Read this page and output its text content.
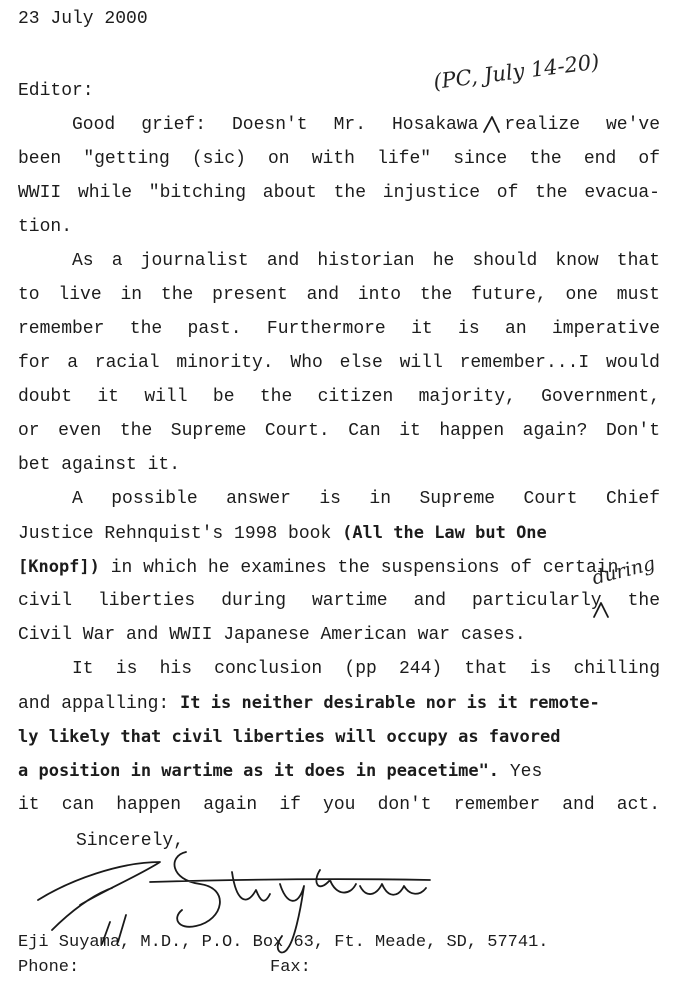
23 July 2000
Editor:	(PC, July 14-20)
Good grief: Doesn't Mr. Hosakawa realize we've
been "getting (sic) on with life" since the end of
WWII while "bitching about the injustice of the evacua-
tion.
As a journalist and historian he should know that
to live in the present and into the future, one must
remember the past. Furthermore it is an imperative
for a racial minority. Who else will remember...I would
doubt it will be the citizen majority, Government,
or even the Supreme Court. Can it happen again? Don't
bet against it.
A possible answer is in Supreme Court Chief
Justice Rehnquist's 1998 book (All the Law but One
[Knopf]) in which he examines the suspensions of certain
civil liberties during wartime and particularly the
Civil War and WWII Japanese American war cases.
during
It is his conclusion (pp 244) that is chilling
and appalling: It is neither desirable nor is it remote-
ly likely that civil liberties will occupy as favored
a position in wartime as it does in peacetime". Yes
it can happen again if you don't remember and act.
Sincerely,
Eji Suyama, M.D., P.O. Box 63, Ft. Meade, SD, 57741.
Phone:	Fax:
